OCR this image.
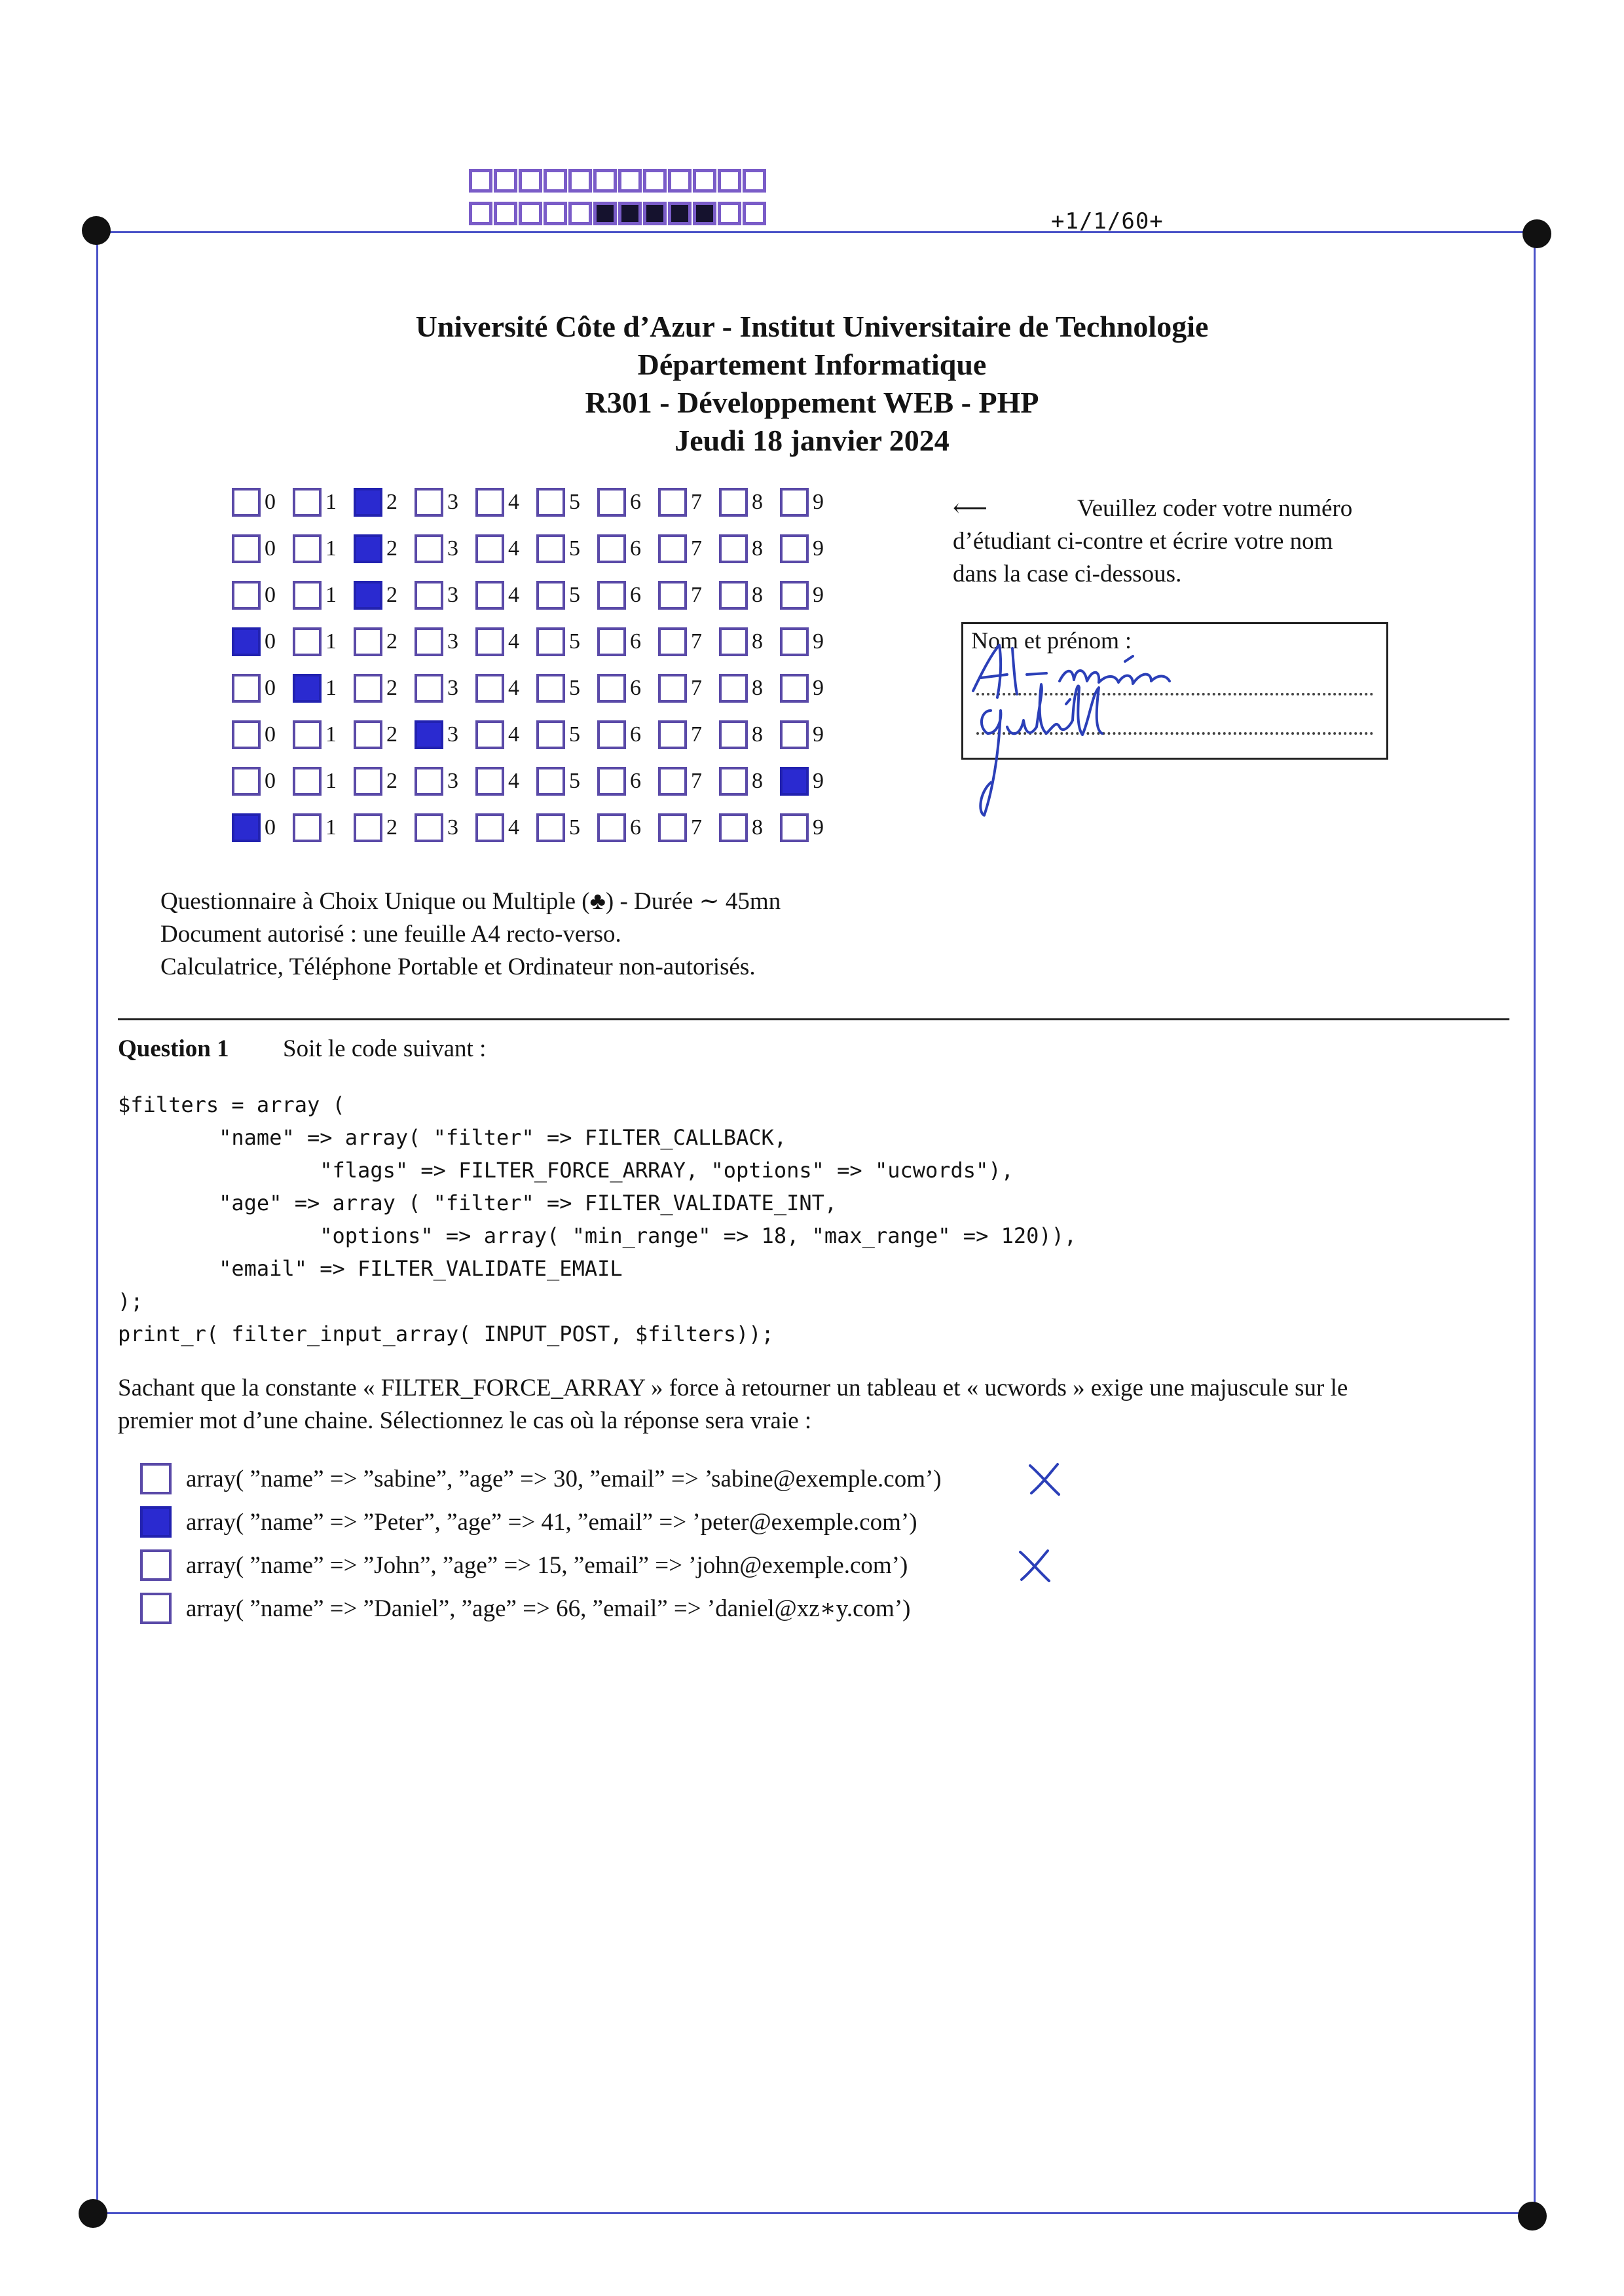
+1/1/60+
Université Côte d’Azur - Institut Universitaire de Technologie
Département Informatique
R301 - Développement WEB - PHP
Jeudi 18 janvier 2024
0 1 2 3 4 5 6 7 8 9
0 1 2 3 4 5 6 7 8 9
0 1 2 3 4 5 6 7 8 9
0 1 2 3 4 5 6 7 8 9
0 1 2 3 4 5 6 7 8 9
0 1 2 3 4 5 6 7 8 9
0 1 2 3 4 5 6 7 8 9
0 1 2 3 4 5 6 7 8 9
⟵	Veuillez coder votre numéro
d’étudiant ci-contre et écrire votre nom
dans la case ci-dessous.
Nom et prénom :
Questionnaire à Choix Unique ou Multiple (♣) - Durée ∼ 45mn
Document autorisé : une feuille A4 recto-verso.
Calculatrice, Téléphone Portable et Ordinateur non-autorisés.
Question 1 Soit le code suivant :
$filters = array (
"name" => array( "filter" => FILTER_CALLBACK,
"flags" => FILTER_FORCE_ARRAY, "options" => "ucwords"),
"age" => array ( "filter" => FILTER_VALIDATE_INT,
"options" => array( "min_range" => 18, "max_range" => 120)),
"email" => FILTER_VALIDATE_EMAIL
);
print_r( filter_input_array( INPUT_POST, $filters));
Sachant que la constante « FILTER_FORCE_ARRAY » force à retourner un tableau et « ucwords » exige une majuscule sur le
premier mot d’une chaine. Sélectionnez le cas où la réponse sera vraie :
array( ”name” => ”sabine”, ”age” => 30, ”email” => ’sabine@exemple.com’)
array( ”name” => ”Peter”, ”age” => 41, ”email” => ’peter@exemple.com’)
array( ”name” => ”John”, ”age” => 15, ”email” => ’john@exemple.com’)
array( ”name” => ”Daniel”, ”age” => 66, ”email” => ’daniel@xz∗y.com’)
